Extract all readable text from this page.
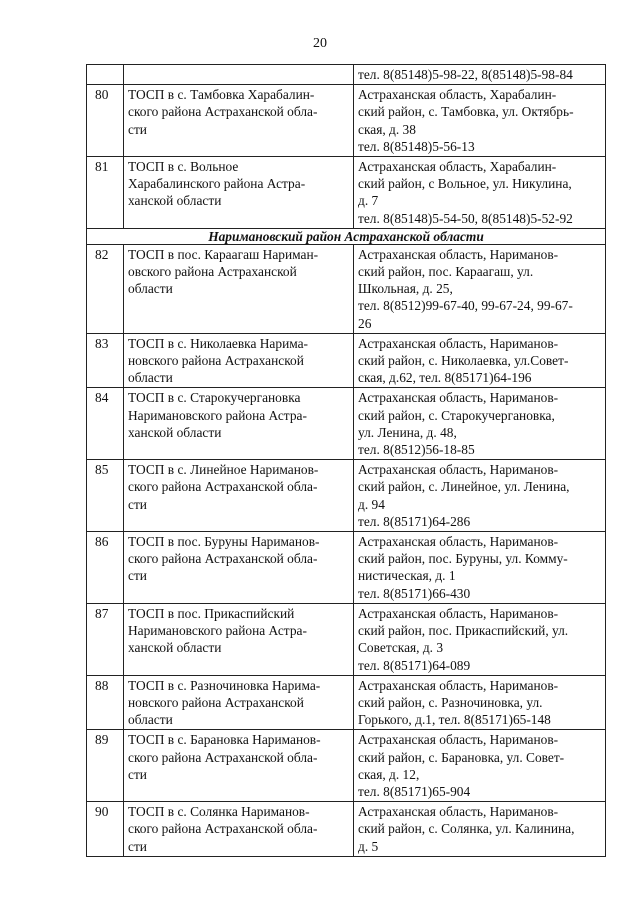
20

		тел. 8(85148)5-98-22, 8(85148)5-98-84

80	ТОСП в с. Тамбовка Харабалин-
ского района Астраханской обла-
сти	Астраханская область, Харабалин-
ский район, с. Тамбовка, ул. Октябрь-
ская, д. 38
тел. 8(85148)5-56-13

81	ТОСП в с. Вольное
Харабалинского района Астра-
ханской области	Астраханская область, Харабалин-
ский район, с Вольное, ул. Никулина,
д. 7
тел. 8(85148)5-54-50, 8(85148)5-52-92

Наримановский район Астраханской области		
82	ТОСП в пос. Караагаш Нариман-
овского района Астраханской
области	Астраханская область, Нариманов-
ский район, пос. Караагаш, ул.
Школьная, д. 25,
тел. 8(8512)99-67-40, 99-67-24, 99-67-
26

83	ТОСП в с. Николаевка Нарима-
новского района Астраханской
области	Астраханская область, Нариманов-
ский район, с. Николаевка, ул.Совет-
ская, д.62, тел. 8(85171)64-196

84	ТОСП в с. Старокучергановка
Наримановского района Астра-
ханской области	Астраханская область, Нариманов-
ский район, с. Старокучергановка,
ул. Ленина, д. 48,
тел. 8(8512)56-18-85

85	ТОСП в с. Линейное Нариманов-
ского района Астраханской обла-
сти	Астраханская область, Нариманов-
ский район, с. Линейное, ул. Ленина,
д. 94
тел. 8(85171)64-286

86	ТОСП в пос. Буруны Нариманов-
ского района Астраханской обла-
сти	Астраханская область, Нариманов-
ский район, пос. Буруны, ул. Комму-
нистическая, д. 1
тел. 8(85171)66-430

87	ТОСП в пос. Прикаспийский
Наримановского района Астра-
ханской области	Астраханская область, Нариманов-
ский район, пос. Прикаспийский, ул.
Советская, д. 3
тел. 8(85171)64-089

88	ТОСП в с. Разночиновка Нарима-
новского района Астраханской
области	Астраханская область, Нариманов-
ский район, с. Разночиновка, ул.
Горького, д.1, тел. 8(85171)65-148

89	ТОСП в с. Барановка Нариманов-
ского района Астраханской обла-
сти	Астраханская область, Нариманов-
ский район, с. Барановка, ул. Совет-
ская, д. 12,
тел. 8(85171)65-904

90	ТОСП в с. Солянка Нариманов-
ского района Астраханской обла-
сти	Астраханская область, Нариманов-
ский район, с. Солянка, ул. Калинина,
д. 5
